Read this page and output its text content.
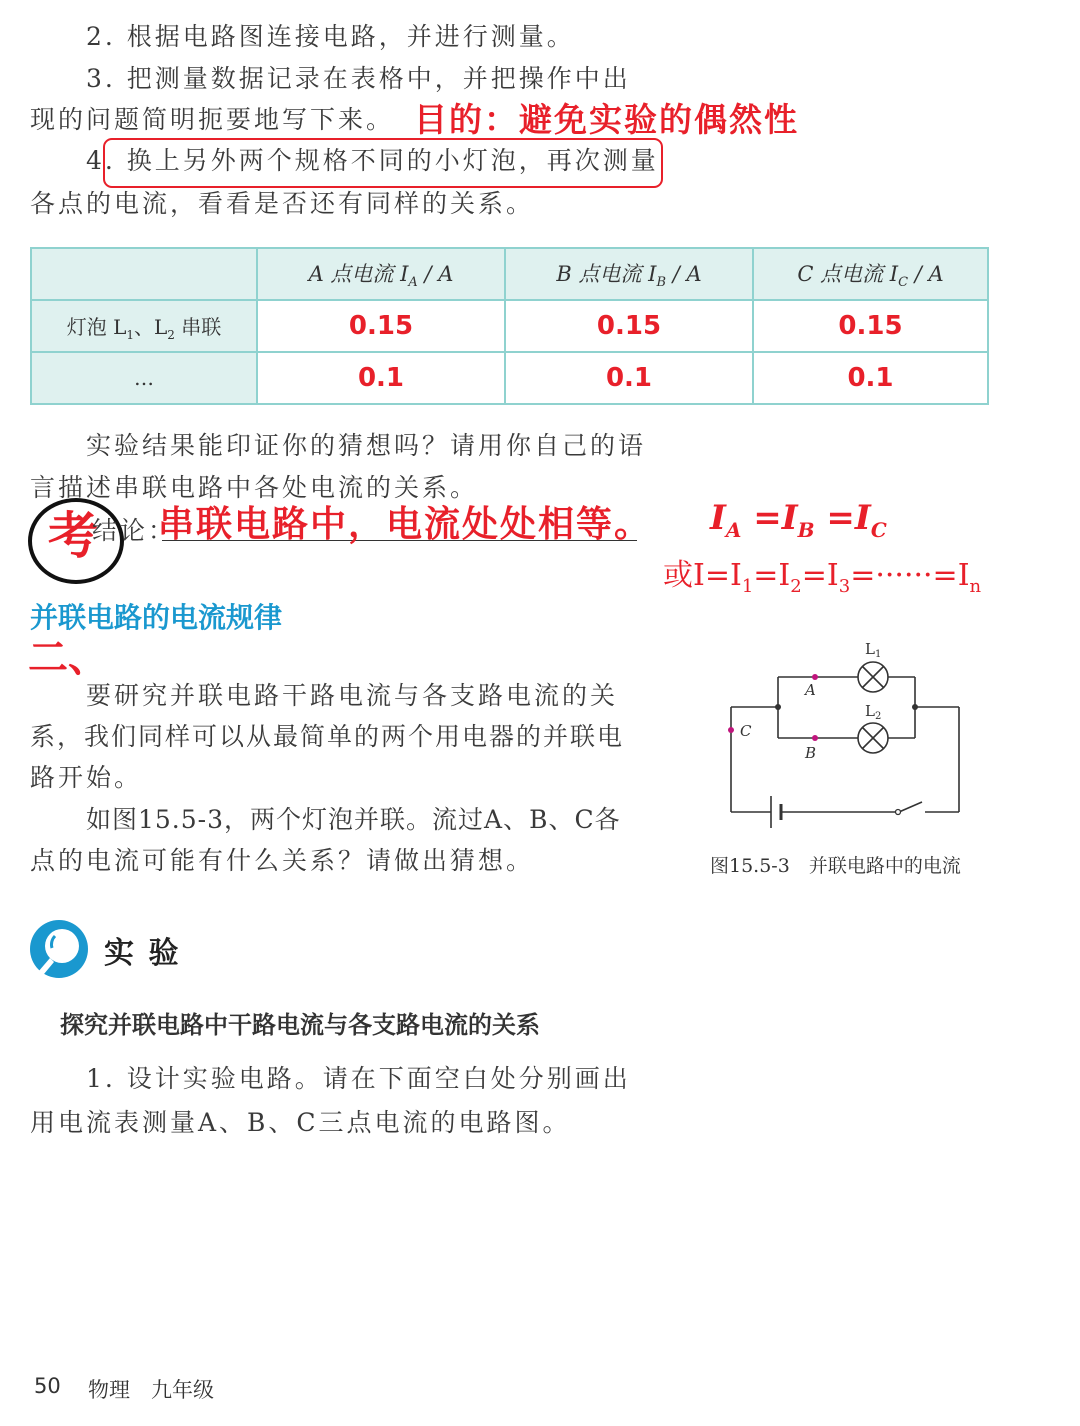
2. 根据电路图连接电路，并进行测量。
3. 把测量数据记录在表格中，并把操作中出
现的问题简明扼要地写下来。 目的：避免实验的偶然性
4. 换上另外两个规格不同的小灯泡，再次测量
各点的电流，看看是否还有同样的关系。
	A 点电流 $I_A$ / A	B 点电流 $I_B$ / A	C 点电流 $I_C$ / A
灯泡 $L_1$、$L_2$ 串联	0.15	0.15	0.15
…	0.1	0.1	0.1
实验结果能印证你的猜想吗？请用你自己的语
言描述串联电路中各处电流的关系。
考
结论：
串联电路中，电流处处相等。 $I_A =I_B =I_C$
或$I=I_1=I_2=I_3=\cdot\cdot\cdot\cdot\cdot\cdot=I_n$
并联电路的电流规律
二、
要研究并联电路干路电流与各支路电流的关
系，我们同样可以从最简单的两个用电器的并联电
路开始。
如图15.5-3，两个灯泡并联。流过A、B、C各
点的电流可能有什么关系？请做出猜想。
A
B
C
$L_1$
$L_2$
图15.5-3　并联电路中的电流
实 验
探究并联电路中干路电流与各支路电流的关系
1. 设计实验电路。请在下面空白处分别画出
用电流表测量A、B、C三点电流的电路图。
50 物理 九年级
